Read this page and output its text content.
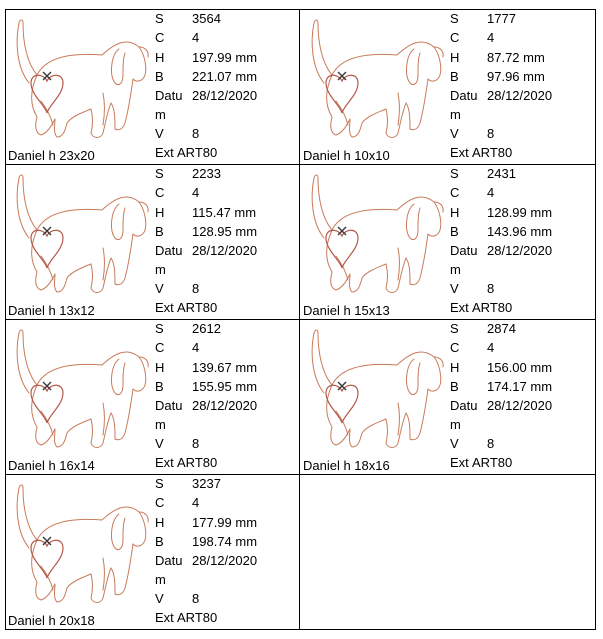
Daniel h 23x20
S	3564
C	4
H	197.99 mm
B	221.07 mm
Datum
28/12/2020
V	8
Ext ART80	Daniel h 10x10
S	1777
C	4
H	87.72 mm
B	97.96 mm
Datum
28/12/2020
V	8
Ext ART80
Daniel h 13x12
S	2233
C	4
H	115.47 mm
B	128.95 mm
Datum
28/12/2020
V	8
Ext ART80	Daniel h 15x13
S	2431
C	4
H	128.99 mm
B	143.96 mm
Datum
28/12/2020
V	8
Ext ART80
Daniel h 16x14
S	2612
C	4
H	139.67 mm
B	155.95 mm
Datum
28/12/2020
V	8
Ext ART80	Daniel h 18x16
S	2874
C	4
H	156.00 mm
B	174.17 mm
Datum
28/12/2020
V	8
Ext ART80
Daniel h 20x18
S	3237
C	4
H	177.99 mm
B	198.74 mm
Datum
28/12/2020
V	8
Ext ART80
